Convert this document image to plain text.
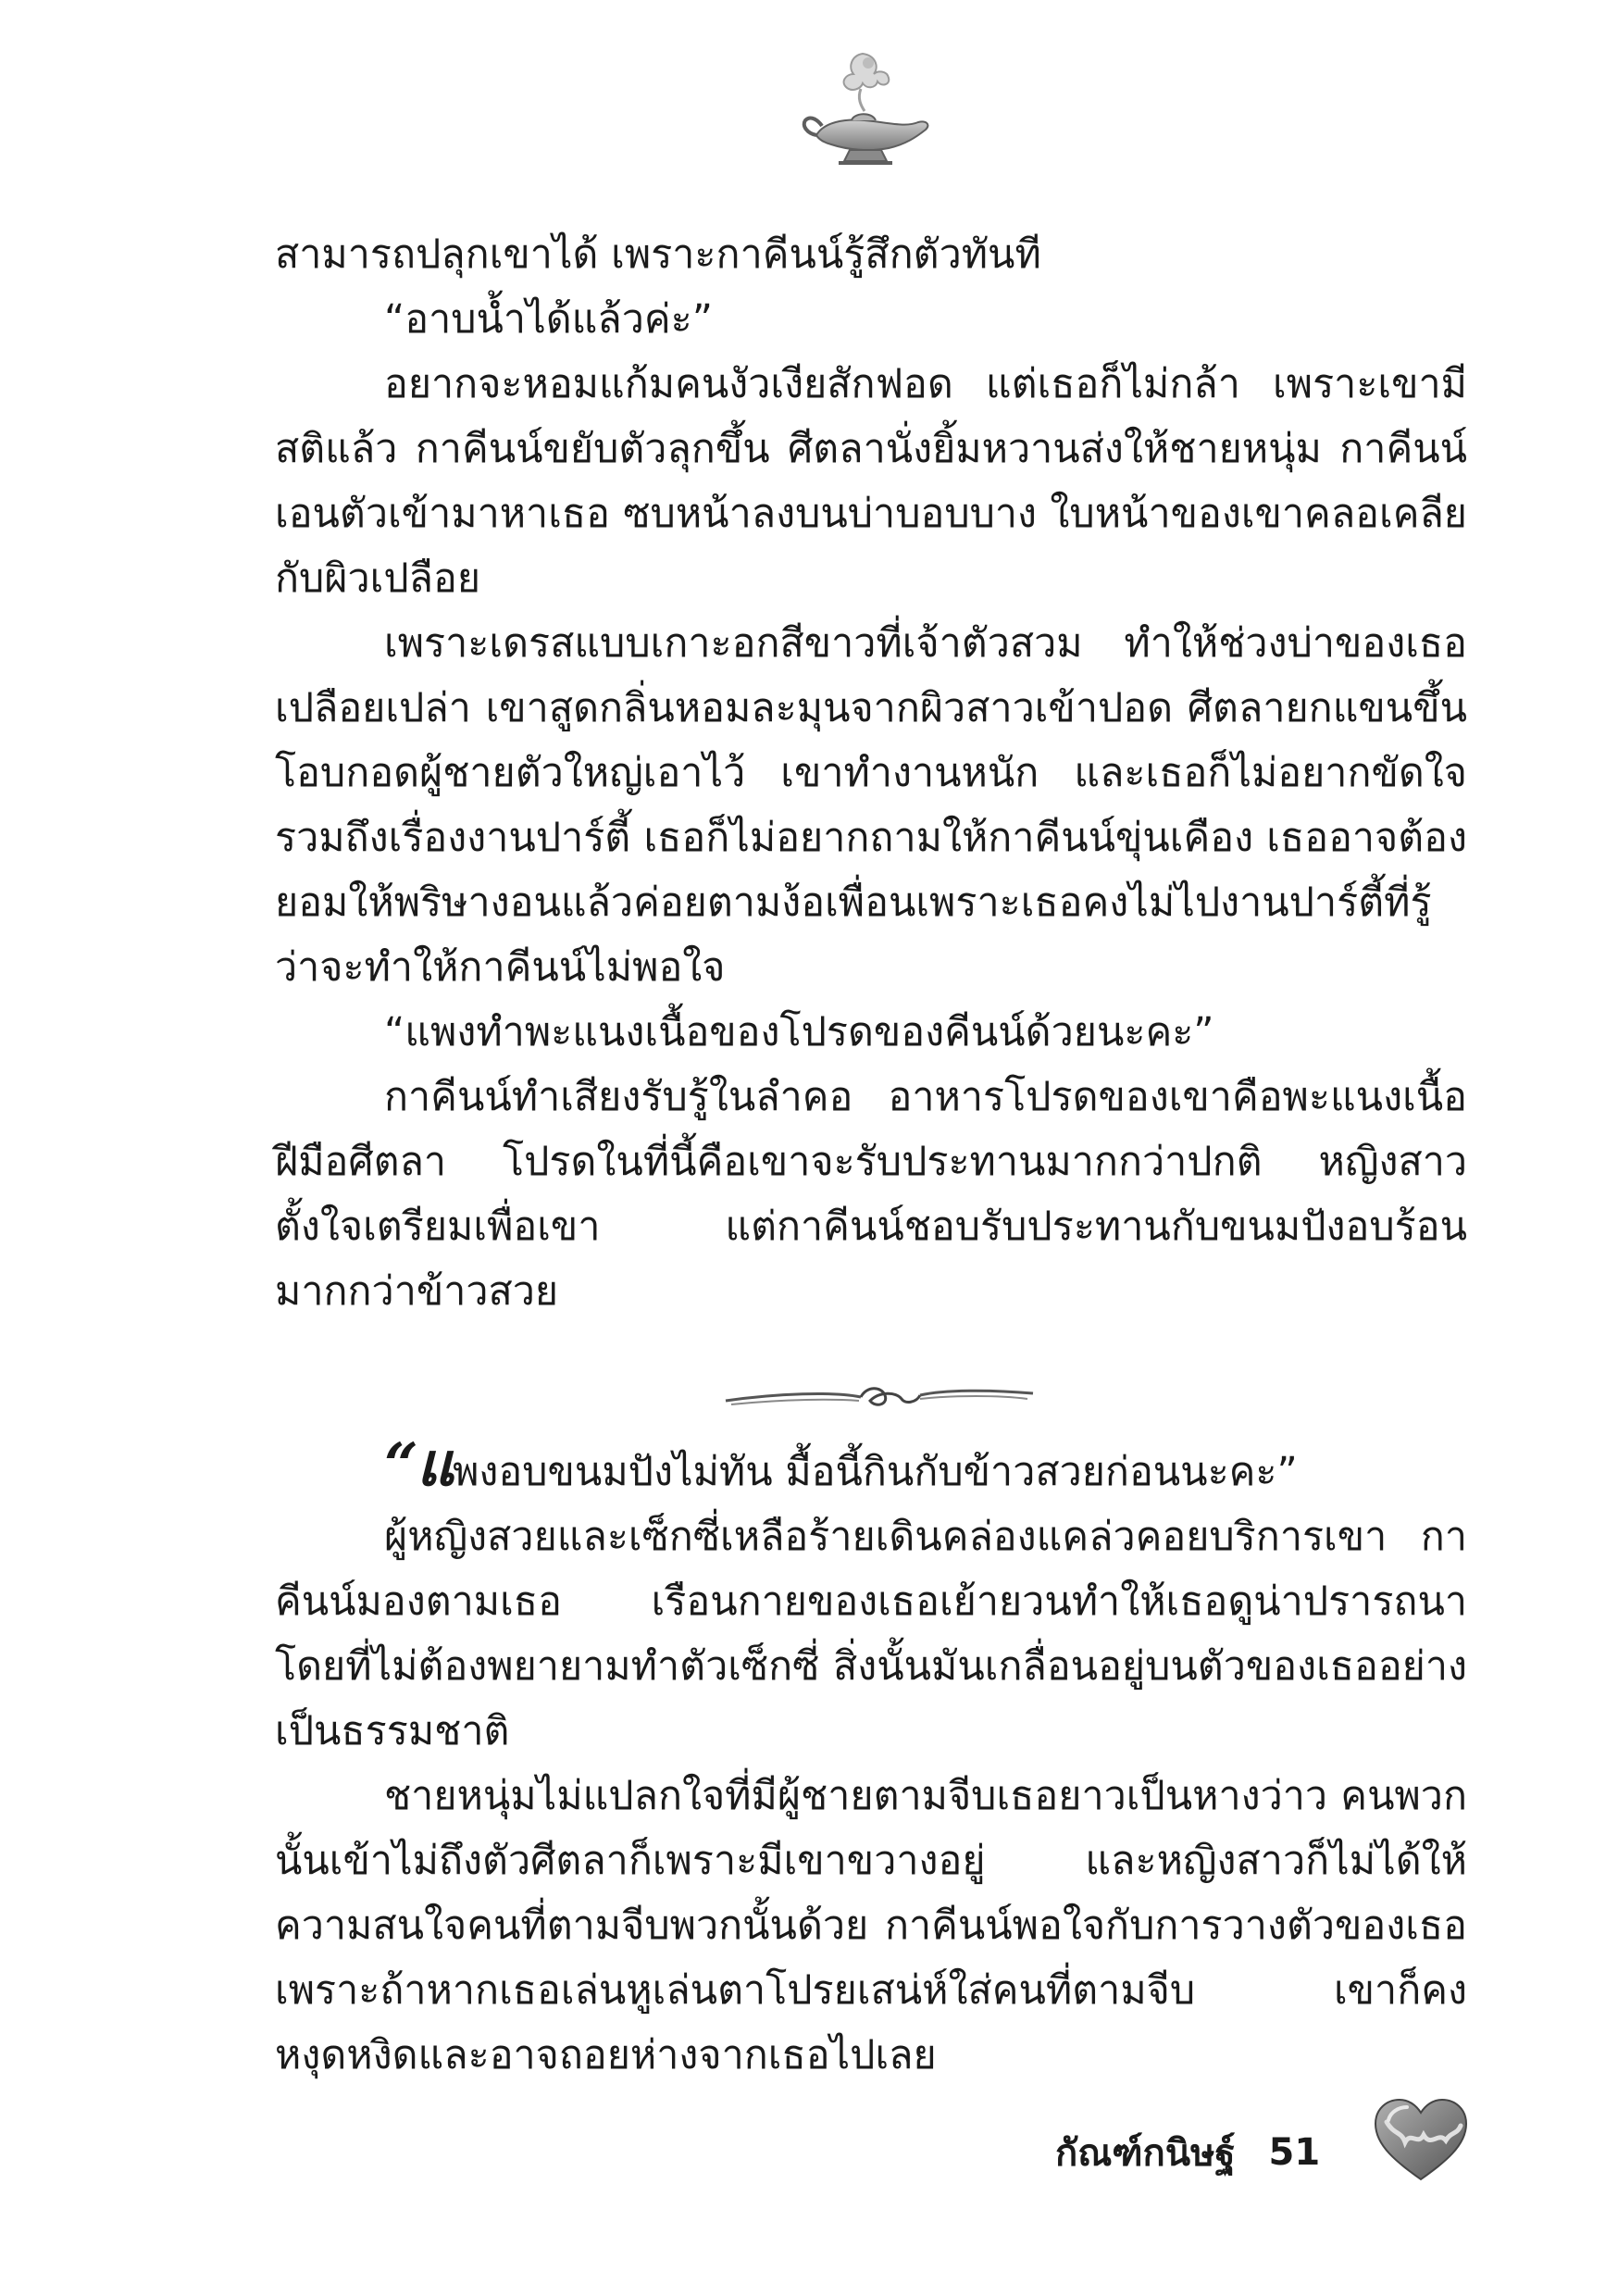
สามารถปลุกเขาได้ เพราะกาคีนน์รู้สึกตัวทันที

“อาบน้ำได้แล้วค่ะ”

อยากจะหอมแก้มคนงัวเงียสักฟอด แต่เธอก็ไม่กล้า เพราะเขามีสติแล้ว กาคีนน์ขยับตัวลุกขึ้น ศีตลานั่งยิ้มหวานส่งให้ชายหนุ่ม กาคีนน์เอนตัวเข้ามาหาเธอ ซบหน้าลงบนบ่าบอบบาง ใบหน้าของเขาคลอเคลียกับผิวเปลือย

เพราะเดรสแบบเกาะอกสีขาวที่เจ้าตัวสวม ทำให้ช่วงบ่าของเธอเปลือยเปล่า เขาสูดกลิ่นหอมละมุนจากผิวสาวเข้าปอด ศีตลายกแขนขึ้นโอบกอดผู้ชายตัวใหญ่เอาไว้ เขาทำงานหนัก และเธอก็ไม่อยากขัดใจ รวมถึงเรื่องงานปาร์ตี้ เธอก็ไม่อยากถามให้กาคีนน์ขุ่นเคือง เธออาจต้องยอมให้พริษางอนแล้วค่อยตามง้อเพื่อนเพราะเธอคงไม่ไปงานปาร์ตี้ที่รู้ว่าจะทำให้กาคีนน์ไม่พอใจ

“แพงทำพะแนงเนื้อของโปรดของคีนน์ด้วยนะคะ”

กาคีนน์ทำเสียงรับรู้ในลำคอ อาหารโปรดของเขาคือพะแนงเนื้อฝีมือศีตลา โปรดในที่นี้คือเขาจะรับประทานมากกว่าปกติ หญิงสาวตั้งใจเตรียมเพื่อเขา แต่กาคีนน์ชอบรับประทานกับขนมปังอบร้อนมากกว่าข้าวสวย

“แพงอบขนมปังไม่ทัน มื้อนี้กินกับข้าวสวยก่อนนะคะ”

ผู้หญิงสวยและเซ็กซี่เหลือร้ายเดินคล่องแคล่วคอยบริการเขา กาคีนน์มองตามเธอ เรือนกายของเธอเย้ายวนทำให้เธอดูน่าปรารถนาโดยที่ไม่ต้องพยายามทำตัวเซ็กซี่ สิ่งนั้นมันเกลื่อนอยู่บนตัวของเธออย่างเป็นธรรมชาติ

ชายหนุ่มไม่แปลกใจที่มีผู้ชายตามจีบเธอยาวเป็นหางว่าว คนพวกนั้นเข้าไม่ถึงตัวศีตลาก็เพราะมีเขาขวางอยู่ และหญิงสาวก็ไม่ได้ให้ความสนใจคนที่ตามจีบพวกนั้นด้วย กาคีนน์พอใจกับการวางตัวของเธอ เพราะถ้าหากเธอเล่นหูเล่นตาโปรยเสน่ห์ใส่คนที่ตามจีบ เขาก็คงหงุดหงิดและอาจถอยห่างจากเธอไปเลย

กัณฑ์กนิษฐ์ 51
